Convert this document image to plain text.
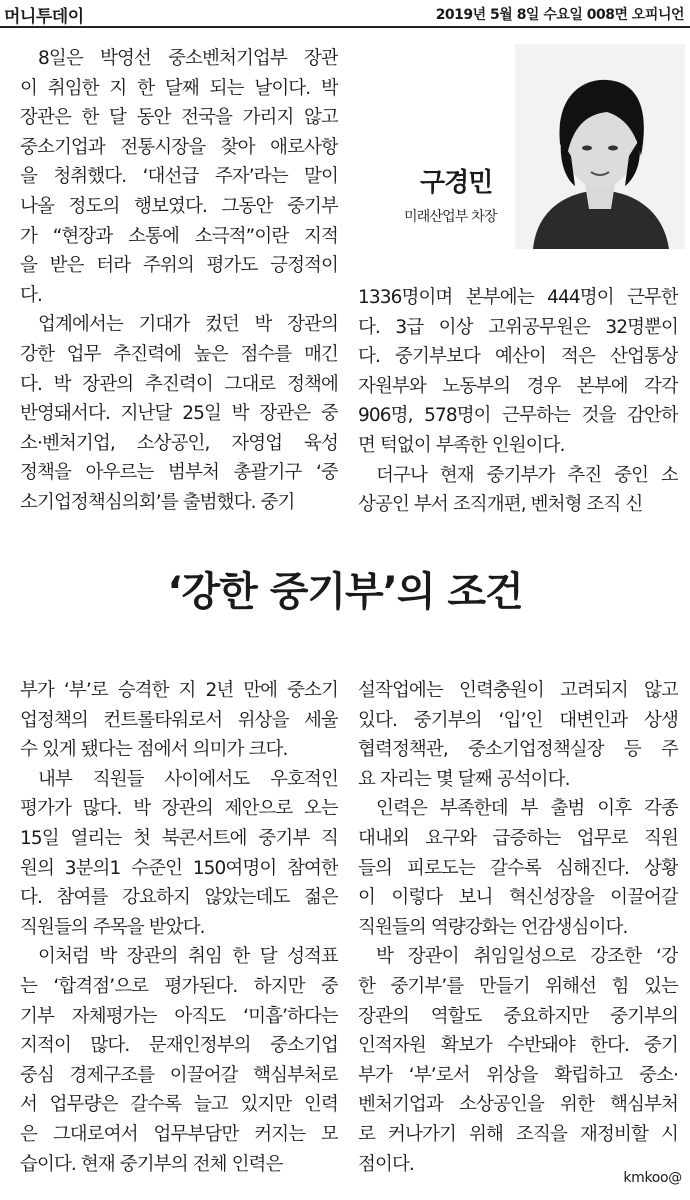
머니투데이	2019년 5월 8일 수요일 008면 오피니언
8일은 박영선 중소벤처기업부 장관
이 취임한 지 한 달째 되는 날이다. 박
장관은 한 달 동안 전국을 가리지 않고
중소기업과 전통시장을 찾아 애로사항
을 청취했다. ‘대선급 주자’라는 말이
나올 정도의 행보였다. 그동안 중기부
가 “현장과 소통에 소극적”이란 지적
을 받은 터라 주위의 평가도 긍정적이
다.
업계에서는 기대가 컸던 박 장관의
강한 업무 추진력에 높은 점수를 매긴
다. 박 장관의 추진력이 그대로 정책에
반영돼서다. 지난달 25일 박 장관은 중
소·벤처기업, 소상공인, 자영업 육성
정책을 아우르는 범부처 총괄기구 ‘중
소기업정책심의회’를 출범했다. 중기
1336명이며 본부에는 444명이 근무한
다. 3급 이상 고위공무원은 32명뿐이
다. 중기부보다 예산이 적은 산업통상
자원부와 노동부의 경우 본부에 각각
906명, 578명이 근무하는 것을 감안하
면 턱없이 부족한 인원이다.
더구나 현재 중기부가 추진 중인 소
상공인 부서 조직개편, 벤처형 조직 신
구경민
미래산업부 차장
‘강한 중기부’의 조건
부가 ‘부’로 승격한 지 2년 만에 중소기
업정책의 컨트롤타워로서 위상을 세울
수 있게 됐다는 점에서 의미가 크다.
내부 직원들 사이에서도 우호적인
평가가 많다. 박 장관의 제안으로 오는
15일 열리는 첫 북콘서트에 중기부 직
원의 3분의1 수준인 150여명이 참여한
다. 참여를 강요하지 않았는데도 젊은
직원들의 주목을 받았다.
이처럼 박 장관의 취임 한 달 성적표
는 ‘합격점’으로 평가된다. 하지만 중
기부 자체평가는 아직도 ‘미흡’하다는
지적이 많다. 문재인정부의 중소기업
중심 경제구조를 이끌어갈 핵심부처로
서 업무량은 갈수록 늘고 있지만 인력
은 그대로여서 업무부담만 커지는 모
습이다. 현재 중기부의 전체 인력은
설작업에는 인력충원이 고려되지 않고
있다. 중기부의 ‘입’인 대변인과 상생
협력정책관, 중소기업정책실장 등 주
요 자리는 몇 달째 공석이다.
인력은 부족한데 부 출범 이후 각종
대내외 요구와 급증하는 업무로 직원
들의 피로도는 갈수록 심해진다. 상황
이 이렇다 보니 혁신성장을 이끌어갈
직원들의 역량강화는 언감생심이다.
박 장관이 취임일성으로 강조한 ‘강
한 중기부’를 만들기 위해선 힘 있는
장관의 역할도 중요하지만 중기부의
인적자원 확보가 수반돼야 한다. 중기
부가 ‘부’로서 위상을 확립하고 중소·
벤처기업과 소상공인을 위한 핵심부처
로 커나가기 위해 조직을 재정비할 시
점이다.
kmkoo@
